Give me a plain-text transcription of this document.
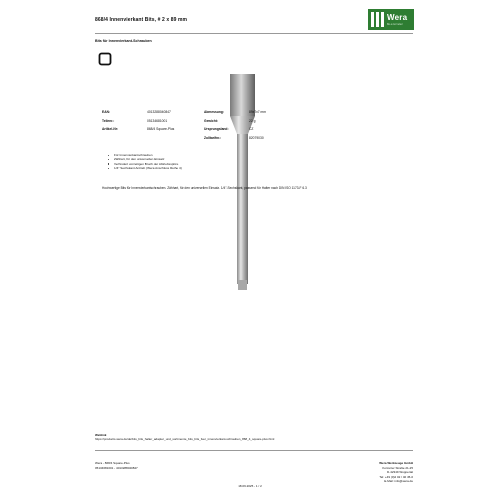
868/4 Innenvierkant Bits, # 2 x 89 mm
Bits für Innenvierkant-Schrauben
Wera
Be a tool rebel
EAN:	4013288040847
Teilenr.:	05134681001
Artikel-Nr:	868/4 Square-Plus
Abmessung:	89x7x7 mm
Gewicht:	22 g
Ursprungsland:	CZ
Zolltarifnr.:	82079030
Für Innenvierkantschrauben
Zähhart, für den universellen Einsatz
Verhindert vorzeitigen Bruch der Abtriebsspitze
1/4" Sechskant Antrieb (Wera Anschluss Reihe 4)
Hochwertige Bits für Innenvierkantschrauben. Zähhart, für den universellen Einsatz. 1/4"-Sechskant, passend für Halter nach DIN ISO 1173-F 6.3
Weblink
https://products.wera.de/de/bits_bits_halter_adapter_und_sortimente_bits_bits_fuer_innenvierkant-schrauben_868_4_square-plus.html
Wera - 868/4 Square-Plus
05134681001 - 4013288040847
Wera Werkzeuge GmbH
Korzerter Straße 21-25
D-42349 Wuppertal
Tel: +49 (0)2 02 / 40 45-0
E-Mail: info@wera.de
18.09.2025 - 1 / 2
